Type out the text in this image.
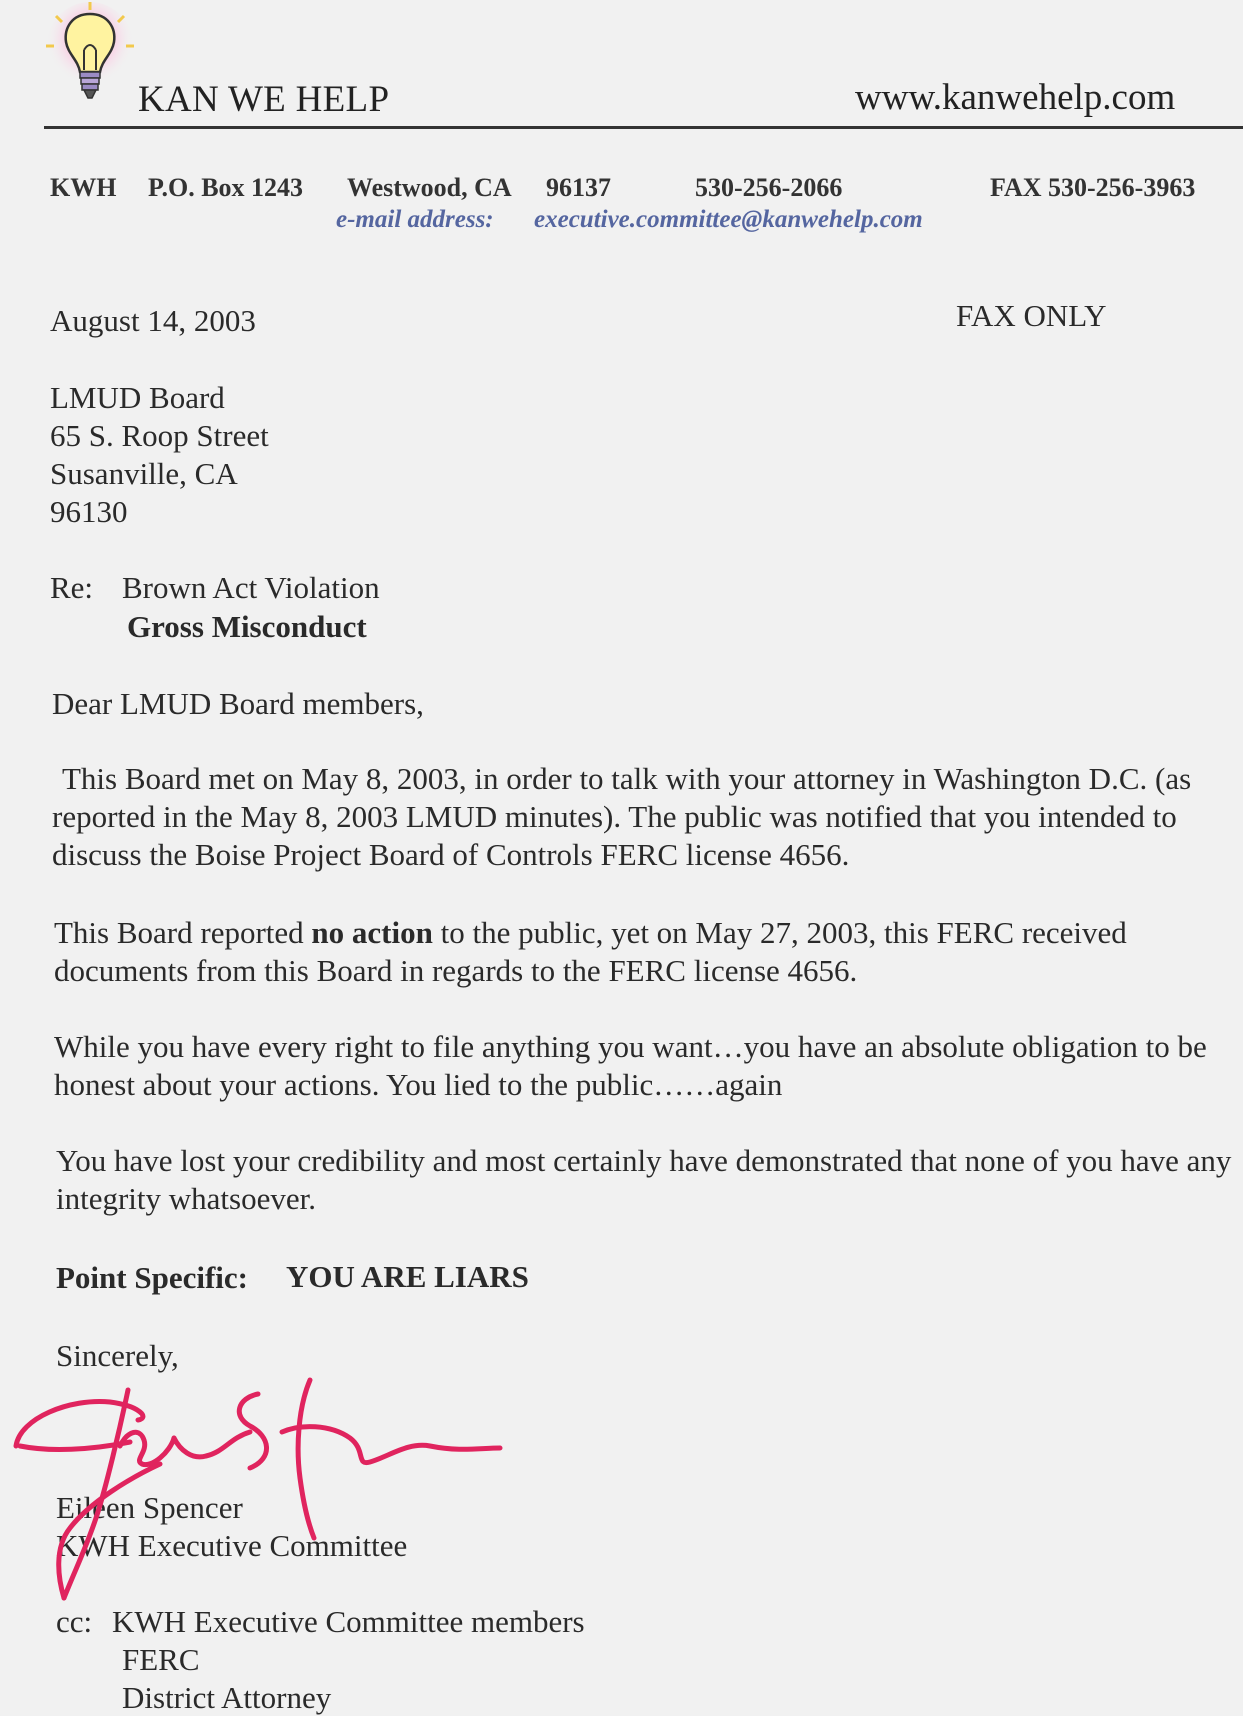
KAN WE HELP	www.kanwehelp.com
KWH P.O. Box 1243 Westwood, CA 96137	530-256-2066	FAX 530-256-3963
e-mail address: executive.committee@kanwehelp.com
August 14, 2003	FAX ONLY
LMUD Board
65 S. Roop Street
Susanville, CA
96130
Re: Brown Act Violation
Gross Misconduct
Dear LMUD Board members,
This Board met on May 8, 2003, in order to talk with your attorney in Washington D.C. (as reported in the May 8, 2003 LMUD minutes). The public was notified that you intended to discuss the Boise Project Board of Controls FERC license 4656.
This Board reported no action to the public, yet on May 27, 2003, this FERC received documents from this Board in regards to the FERC license 4656.
While you have every right to file anything you want…you have an absolute obligation to be honest about your actions. You lied to the public……again
You have lost your credibility and most certainly have demonstrated that none of you have any integrity whatsoever.
Point Specific: YOU ARE LIARS
Sincerely,
Eileen Spencer
KWH Executive Committee
cc: KWH Executive Committee members
FERC
District Attorney
